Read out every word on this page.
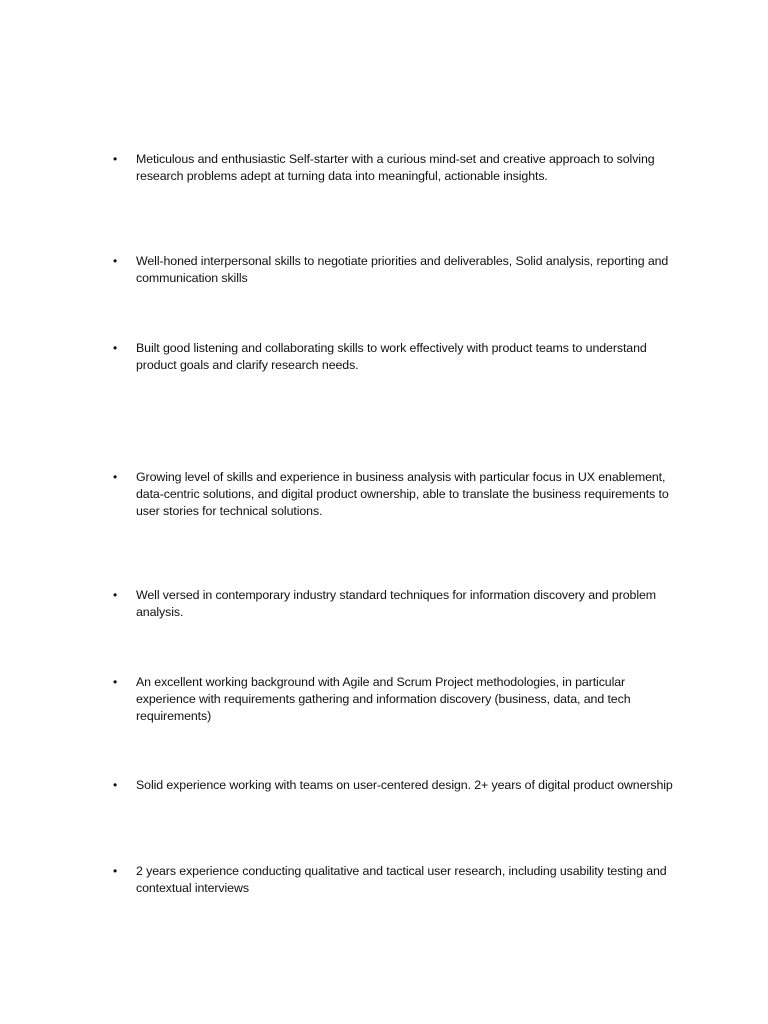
•	Meticulous and enthusiastic Self-starter with a curious mind-set and creative approach to solving research problems adept at turning data into meaningful, actionable insights.
•	Well-honed interpersonal skills to negotiate priorities and deliverables, Solid analysis, reporting and communication skills
•	Built good listening and collaborating skills to work effectively with product teams to understand product goals and clarify research needs.
•	Growing level of skills and experience in business analysis with particular focus in UX enablement, data-centric solutions, and digital product ownership, able to translate the business requirements to user stories for technical solutions.
•	Well versed in contemporary industry standard techniques for information discovery and problem analysis.
•	An excellent working background with Agile and Scrum Project methodologies, in particular experience with requirements gathering and information discovery (business, data, and tech requirements)
•	Solid experience working with teams on user-centered design. 2+ years of digital product ownership
•	2 years experience conducting qualitative and tactical user research, including usability testing and contextual interviews
